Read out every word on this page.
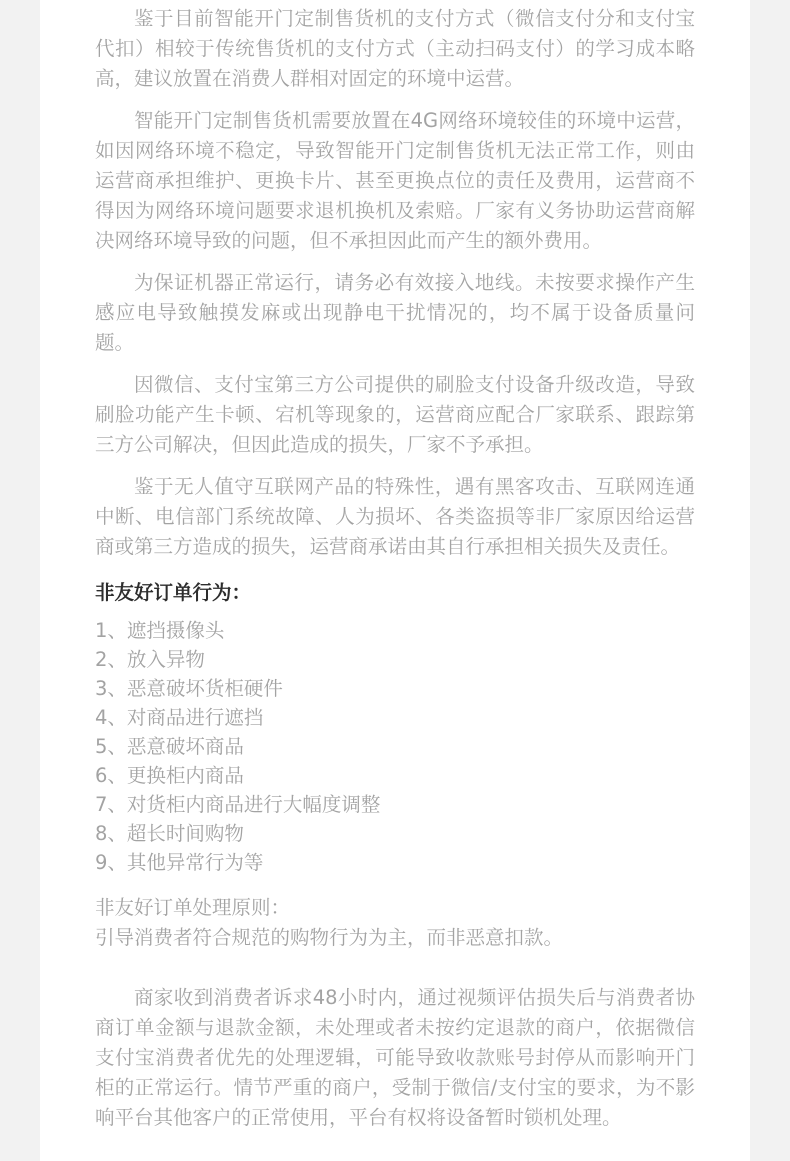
鉴于目前智能开门定制售货机的支付方式（微信支付分和支付宝代扣）相较于传统售货机的支付方式（主动扫码支付）的学习成本略高，建议放置在消费人群相对固定的环境中运营。

智能开门定制售货机需要放置在4G网络环境较佳的环境中运营，如因网络环境不稳定，导致智能开门定制售货机无法正常工作，则由运营商承担维护、更换卡片、甚至更换点位的责任及费用，运营商不得因为网络环境问题要求退机换机及索赔。厂家有义务协助运营商解决网络环境导致的问题，但不承担因此而产生的额外费用。

为保证机器正常运行，请务必有效接入地线。未按要求操作产生感应电导致触摸发麻或出现静电干扰情况的，均不属于设备质量问题。

因微信、支付宝第三方公司提供的刷脸支付设备升级改造，导致刷脸功能产生卡顿、宕机等现象的，运营商应配合厂家联系、跟踪第三方公司解决，但因此造成的损失，厂家不予承担。

鉴于无人值守互联网产品的特殊性，遇有黑客攻击、互联网连通中断、电信部门系统故障、人为损坏、各类盗损等非厂家原因给运营商或第三方造成的损失，运营商承诺由其自行承担相关损失及责任。

非友好订单行为：
1、遮挡摄像头
2、放入异物
3、恶意破坏货柜硬件
4、对商品进行遮挡
5、恶意破坏商品
6、更换柜内商品
7、对货柜内商品进行大幅度调整
8、超长时间购物
9、其他异常行为等
非友好订单处理原则：
引导消费者符合规范的购物行为为主，而非恶意扣款。

商家收到消费者诉求48小时内，通过视频评估损失后与消费者协商订单金额与退款金额，未处理或者未按约定退款的商户，依据微信支付宝消费者优先的处理逻辑，可能导致收款账号封停从而影响开门柜的正常运行。情节严重的商户，受制于微信/支付宝的要求，为不影响平台其他客户的正常使用，平台有权将设备暂时锁机处理。
